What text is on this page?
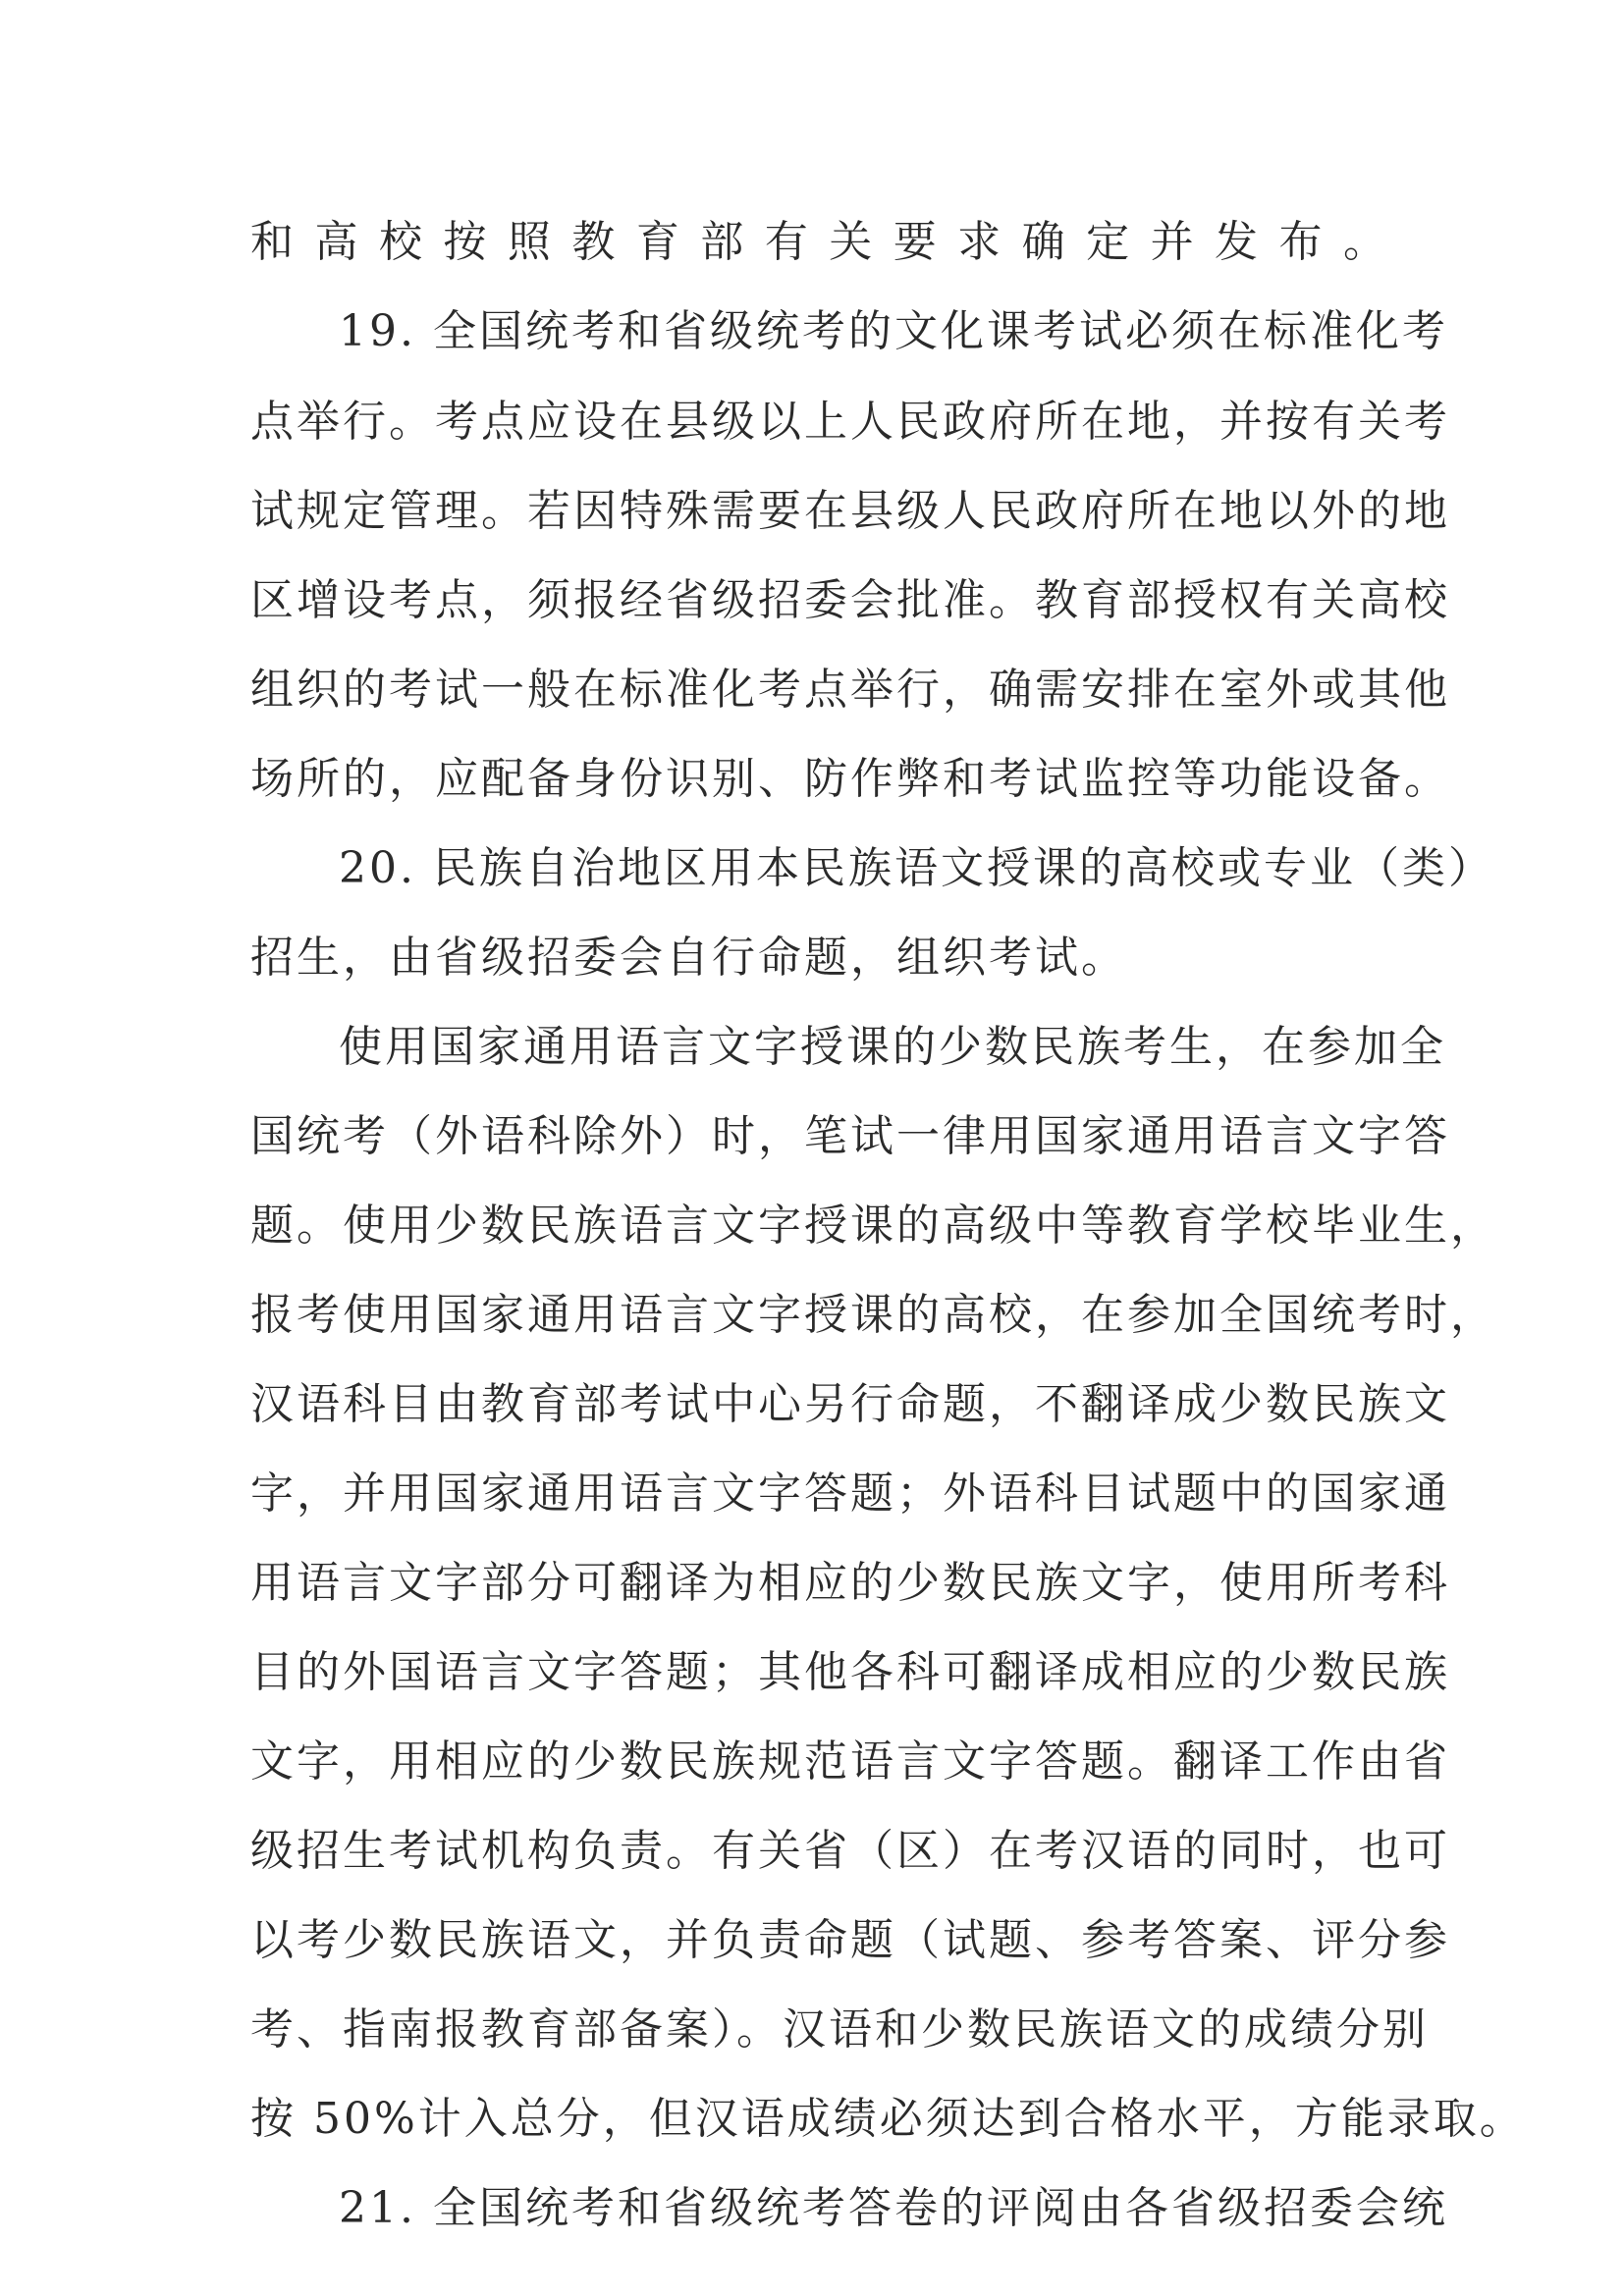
和高校按照教育部有关要求确定并发布。
19. 全国统考和省级统考的文化课考试必须在标准化考
点举行。考点应设在县级以上人民政府所在地，并按有关考
试规定管理。若因特殊需要在县级人民政府所在地以外的地
区增设考点，须报经省级招委会批准。教育部授权有关高校
组织的考试一般在标准化考点举行，确需安排在室外或其他
场所的，应配备身份识别、防作弊和考试监控等功能设备。
20. 民族自治地区用本民族语文授课的高校或专业（类）
招生，由省级招委会自行命题，组织考试。
使用国家通用语言文字授课的少数民族考生，在参加全
国统考（外语科除外）时，笔试一律用国家通用语言文字答
题。使用少数民族语言文字授课的高级中等教育学校毕业生，
报考使用国家通用语言文字授课的高校，在参加全国统考时，
汉语科目由教育部考试中心另行命题，不翻译成少数民族文
字，并用国家通用语言文字答题；外语科目试题中的国家通
用语言文字部分可翻译为相应的少数民族文字，使用所考科
目的外国语言文字答题；其他各科可翻译成相应的少数民族
文字，用相应的少数民族规范语言文字答题。翻译工作由省
级招生考试机构负责。有关省（区）在考汉语的同时，也可
以考少数民族语文，并负责命题（试题、参考答案、评分参
考、指南报教育部备案）。汉语和少数民族语文的成绩分别
按 50%计入总分，但汉语成绩必须达到合格水平，方能录取。
21. 全国统考和省级统考答卷的评阅由各省级招委会统
